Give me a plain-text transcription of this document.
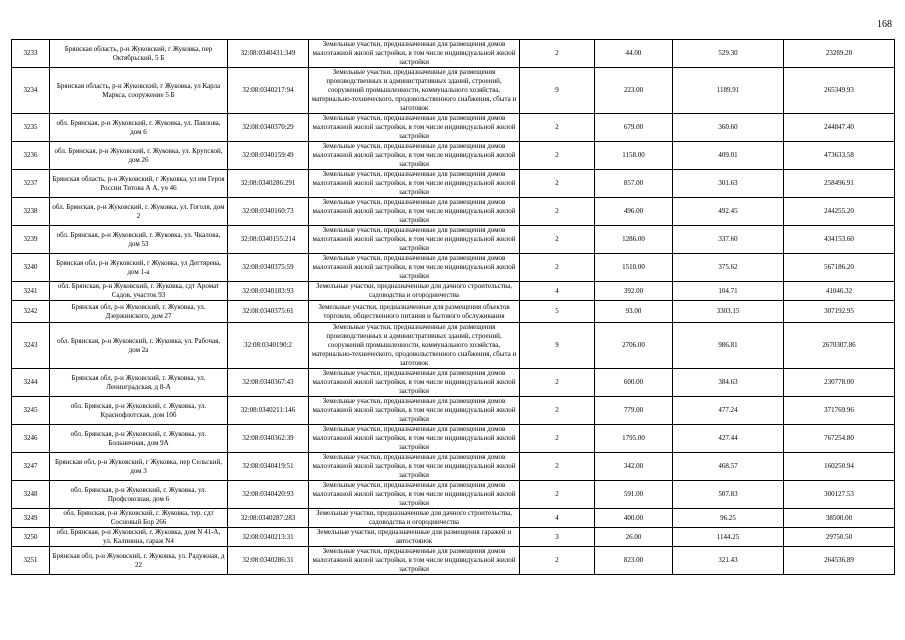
168
3233	Брянская область, р-н Жуковский, г Жуковка, пер Октябрьский, 5 Б	32:08:0340431:349	Земельные участки, предназначенные для размещения домов малоэтажной жилой застройки, в том числе индивидуальной жилой застройки	2	44.00	529.30	23289.20
3234	Брянская область, р-н Жуковский, г Жуковка, ул Карла Маркса, сооружение 5 Б	32:08:0340217:94	Земельные участки, предназначенные для размещения производственных и административных зданий, строений, сооружений промышленности, коммунального хозяйства, материально-технического, продовольственного снабжения, сбыта и заготовок	9	223.00	1189.91	265349.93
3235	обл. Брянская, р-н Жуковский, г. Жуковка, ул. Павлова, дом 6	32:08:0340370:29	Земельные участки, предназначенные для размещения домов малоэтажной жилой застройки, в том числе индивидуальной жилой застройки	2	679.00	360.60	244847.40
3236	обл. Брянская, р-н Жуковский, г. Жуковка, ул. Крупской, дом 26	32:08:0340159:49	Земельные участки, предназначенные для размещения домов малоэтажной жилой застройки, в том числе индивидуальной жилой застройки	2	1158.00	409.01	473633.58
3237	Брянская область, р-н Жуковский, г Жуковка, ул им Героя России Титова А А, уч 46	32:08:0340286:291	Земельные участки, предназначенные для размещения домов малоэтажной жилой застройки, в том числе индивидуальной жилой застройки	2	857.00	301.63	258496.91
3238	обл. Брянская, р-н Жуковский, г. Жуковка, ул. Гоголя, дом 2	32:08:0340160:73	Земельные участки, предназначенные для размещения домов малоэтажной жилой застройки, в том числе индивидуальной жилой застройки	2	496.00	492.45	244255.20
3239	обл. Брянская, р-н Жуковский, г. Жуковка, ул. Чкалова, дом 53	32:08:0340155:214	Земельные участки, предназначенные для размещения домов малоэтажной жилой застройки, в том числе индивидуальной жилой застройки	2	1286.00	337.60	434153.60
3240	Брянская обл, р-н Жуковский, г Жуковка, ул Дегтярева, дом 1-а	32:08:0340375:59	Земельные участки, предназначенные для размещения домов малоэтажной жилой застройки, в том числе индивидуальной жилой застройки	2	1510.00	375.62	567186.20
3241	обл. Брянская, р-н Жуковский, г. Жуковка, сдт Аромат Садов, участок 93	32:08:0340183:93	Земельные участки, предназначенные для дачного строительства, садоводства и огородничества	4	392.00	104.71	41046.32
3242	Брянская обл, р-н Жуковский, г. Жуковка, ул. Дзержинского, дом 27	32:08:0340375:61	Земельные участки, предназначенные для размещения объектов торговли, общественного питания и бытового обслуживания	5	93.00	3303.15	307192.95
3243	обл. Брянская, р-н Жуковский, г. Жуковка, ул. Рабочая, дом 2а	32:08:0340190:2	Земельные участки, предназначенные для размещения производственных и административных зданий, строений, сооружений промышленности, коммунального хозяйства, материально-технического, продовольственного снабжения, сбыта и заготовок	9	2706.00	986.81	2670307.86
3244	Брянская обл, р-н Жуковский, г. Жуковка, ул. Ленинградская, д 8-А	32:08:0340367:43	Земельные участки, предназначенные для размещения домов малоэтажной жилой застройки, в том числе индивидуальной жилой застройки	2	600.00	384.63	230778.00
3245	обл. Брянская, р-н Жуковский, г. Жуковка, ул. Краснофлотская, дом 10б	32:08:0340211:146	Земельные участки, предназначенные для размещения домов малоэтажной жилой застройки, в том числе индивидуальной жилой застройки	2	779.00	477.24	371769.96
3246	обл. Брянская, р-н Жуковский, г. Жуковка, ул. Больничная, дом 9А	32:08:0340362:39	Земельные участки, предназначенные для размещения домов малоэтажной жилой застройки, в том числе индивидуальной жилой застройки	2	1795.00	427.44	767254.80
3247	Брянская обл, р-н Жуковский, г Жуковка, пер Сельский, дом 3	32:08:0340419:51	Земельные участки, предназначенные для размещения домов малоэтажной жилой застройки, в том числе индивидуальной жилой застройки	2	342.00	468.57	160250.94
3248	обл. Брянская, р-н Жуковский, г. Жуковка, ул. Профсоюзная, дом 6	32:08:0340420:93	Земельные участки, предназначенные для размещения домов малоэтажной жилой застройки, в том числе индивидуальной жилой застройки	2	591.00	507.83	300127.53
3249	обл. Брянская, р-н Жуковский, г. Жуковка, тер. сдт Сосновый Бор 266	32:08:0340287:283	Земельные участки, предназначенные для дачного строительства, садоводства и огородничества	4	400.00	96.25	38500.00
3250	обл. Брянская, р-н Жуковский, г. Жуковка, дом N 41-А, ул. Калинина, гараж N4	32:08:0340213:31	Земельные участки, предназначенные для размещения гаражей и автостоянок	3	26.00	1144.25	29750.50
3251	Брянская обл, р-н Жуковский, г. Жуковка, ул. Радужная, д 22	32:08:0340286:31	Земельные участки, предназначенные для размещения домов малоэтажной жилой застройки, в том числе индивидуальной жилой застройки	2	823.00	321.43	264536.89
